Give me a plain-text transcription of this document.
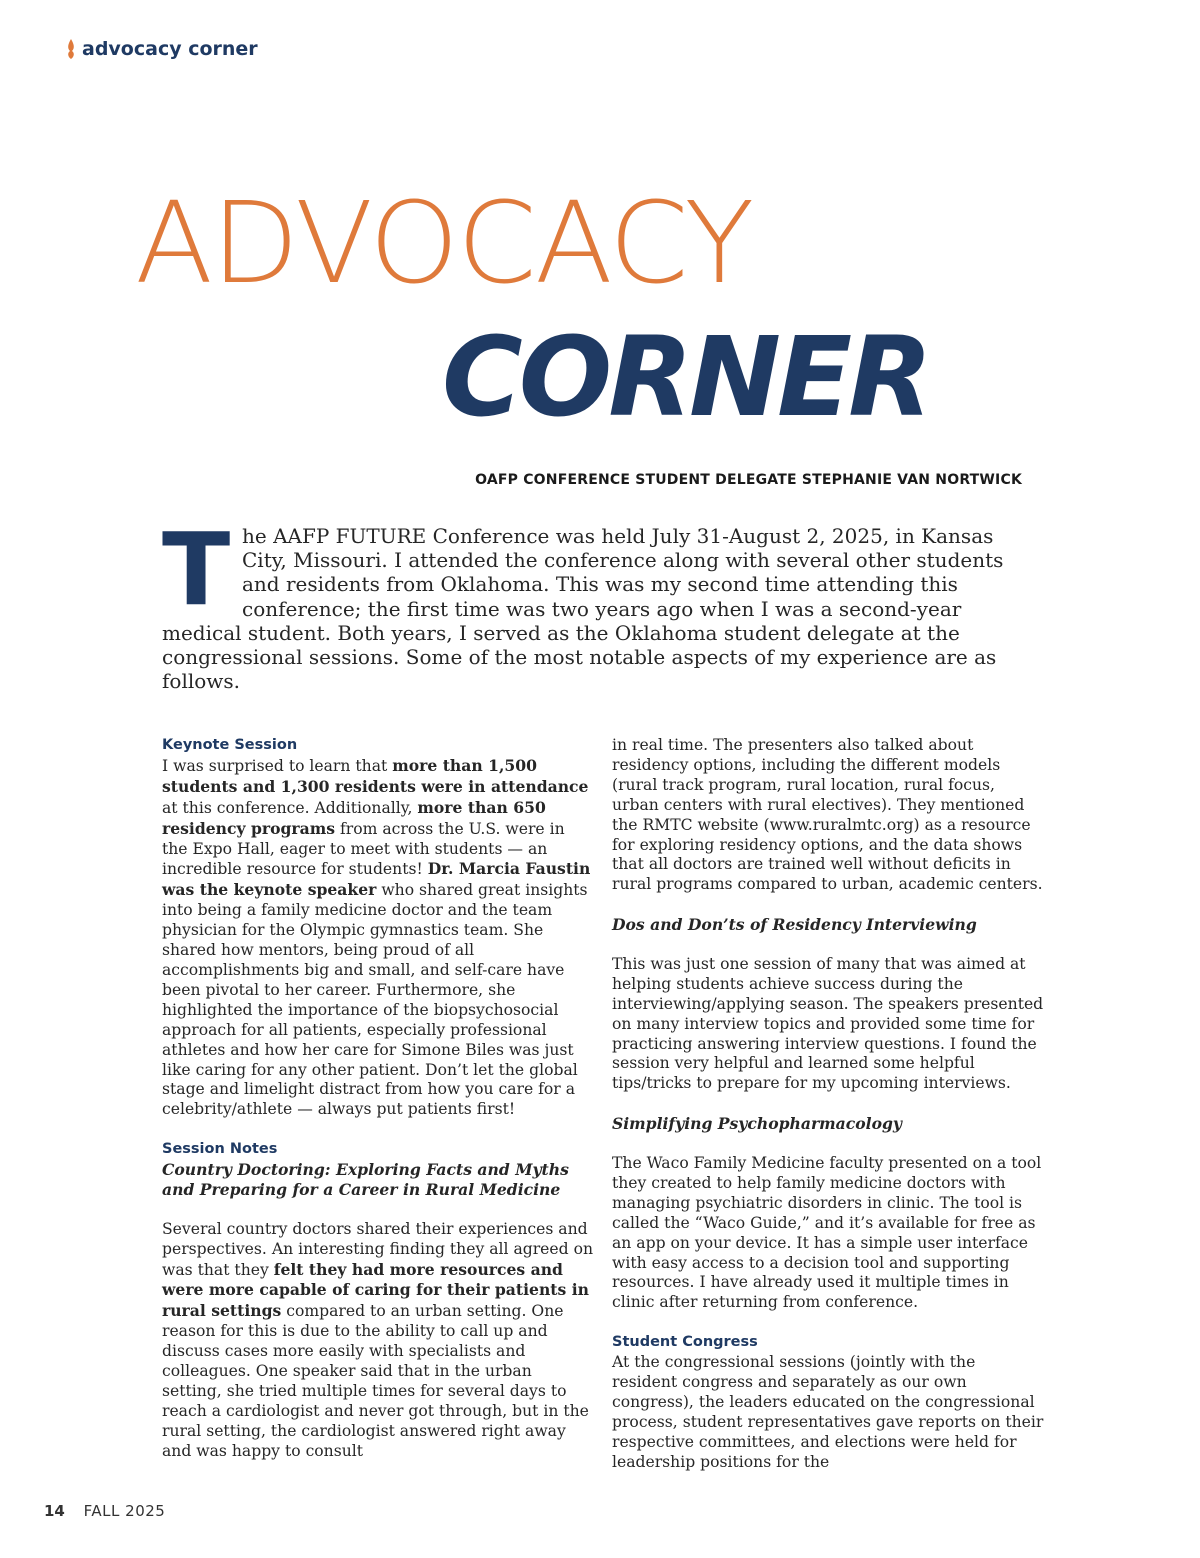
advocacy corner
ADVOCACY
CORNER
OAFP CONFERENCE STUDENT DELEGATE STEPHANIE VAN NORTWICK
T he AAFP FUTURE Conference was held July 31-August 2, 2025, in Kansas City, Missouri. I attended the conference along with several other students and residents from Oklahoma. This was my second time attending this conference; the first time was two years ago when I was a second-year medical student. Both years, I served as the Oklahoma student delegate at the congressional sessions. Some of the most notable aspects of my experience are as follows.
Keynote Session

I was surprised to learn that more than 1,500 students and 1,300 residents were in attendance at this conference. Additionally, more than 650 residency programs from across the U.S. were in the Expo Hall, eager to meet with students — an incredible resource for students! Dr. Marcia Faustin was the keynote speaker who shared great insights into being a family medicine doctor and the team physician for the Olympic gymnastics team. She shared how mentors, being proud of all accomplishments big and small, and self-care have been pivotal to her career. Furthermore, she highlighted the importance of the biopsychosocial approach for all patients, especially professional athletes and how her care for Simone Biles was just like caring for any other patient. Don’t let the global stage and limelight distract from how you care for a celebrity/athlete — always put patients first!

Session Notes

Country Doctoring: Exploring Facts and Myths and Preparing for a Career in Rural Medicine

Several country doctors shared their experiences and perspectives. An interesting finding they all agreed on was that they felt they had more resources and were more capable of caring for their patients in rural settings compared to an urban setting. One reason for this is due to the ability to call up and discuss cases more easily with specialists and colleagues. One speaker said that in the urban setting, she tried multiple times for several days to reach a cardiologist and never got through, but in the rural setting, the cardiologist answered right away and was happy to consult

in real time. The presenters also talked about residency options, including the different models (rural track program, rural location, rural focus, urban centers with rural electives). They mentioned the RMTC website (www.ruralmtc.org) as a resource for exploring residency options, and the data shows that all doctors are trained well without deficits in rural programs compared to urban, academic centers.

Dos and Don’ts of Residency Interviewing

This was just one session of many that was aimed at helping students achieve success during the interviewing/applying season. The speakers presented on many interview topics and provided some time for practicing answering interview questions. I found the session very helpful and learned some helpful tips/tricks to prepare for my upcoming interviews.

Simplifying Psychopharmacology

The Waco Family Medicine faculty presented on a tool they created to help family medicine doctors with managing psychiatric disorders in clinic. The tool is called the “Waco Guide,” and it’s available for free as an app on your device. It has a simple user interface with easy access to a decision tool and supporting resources. I have already used it multiple times in clinic after returning from conference.

Student Congress

At the congressional sessions (jointly with the resident congress and separately as our own congress), the leaders educated on the congressional process, student representatives gave reports on their respective committees, and elections were held for leadership positions for the

14 FALL 2025
